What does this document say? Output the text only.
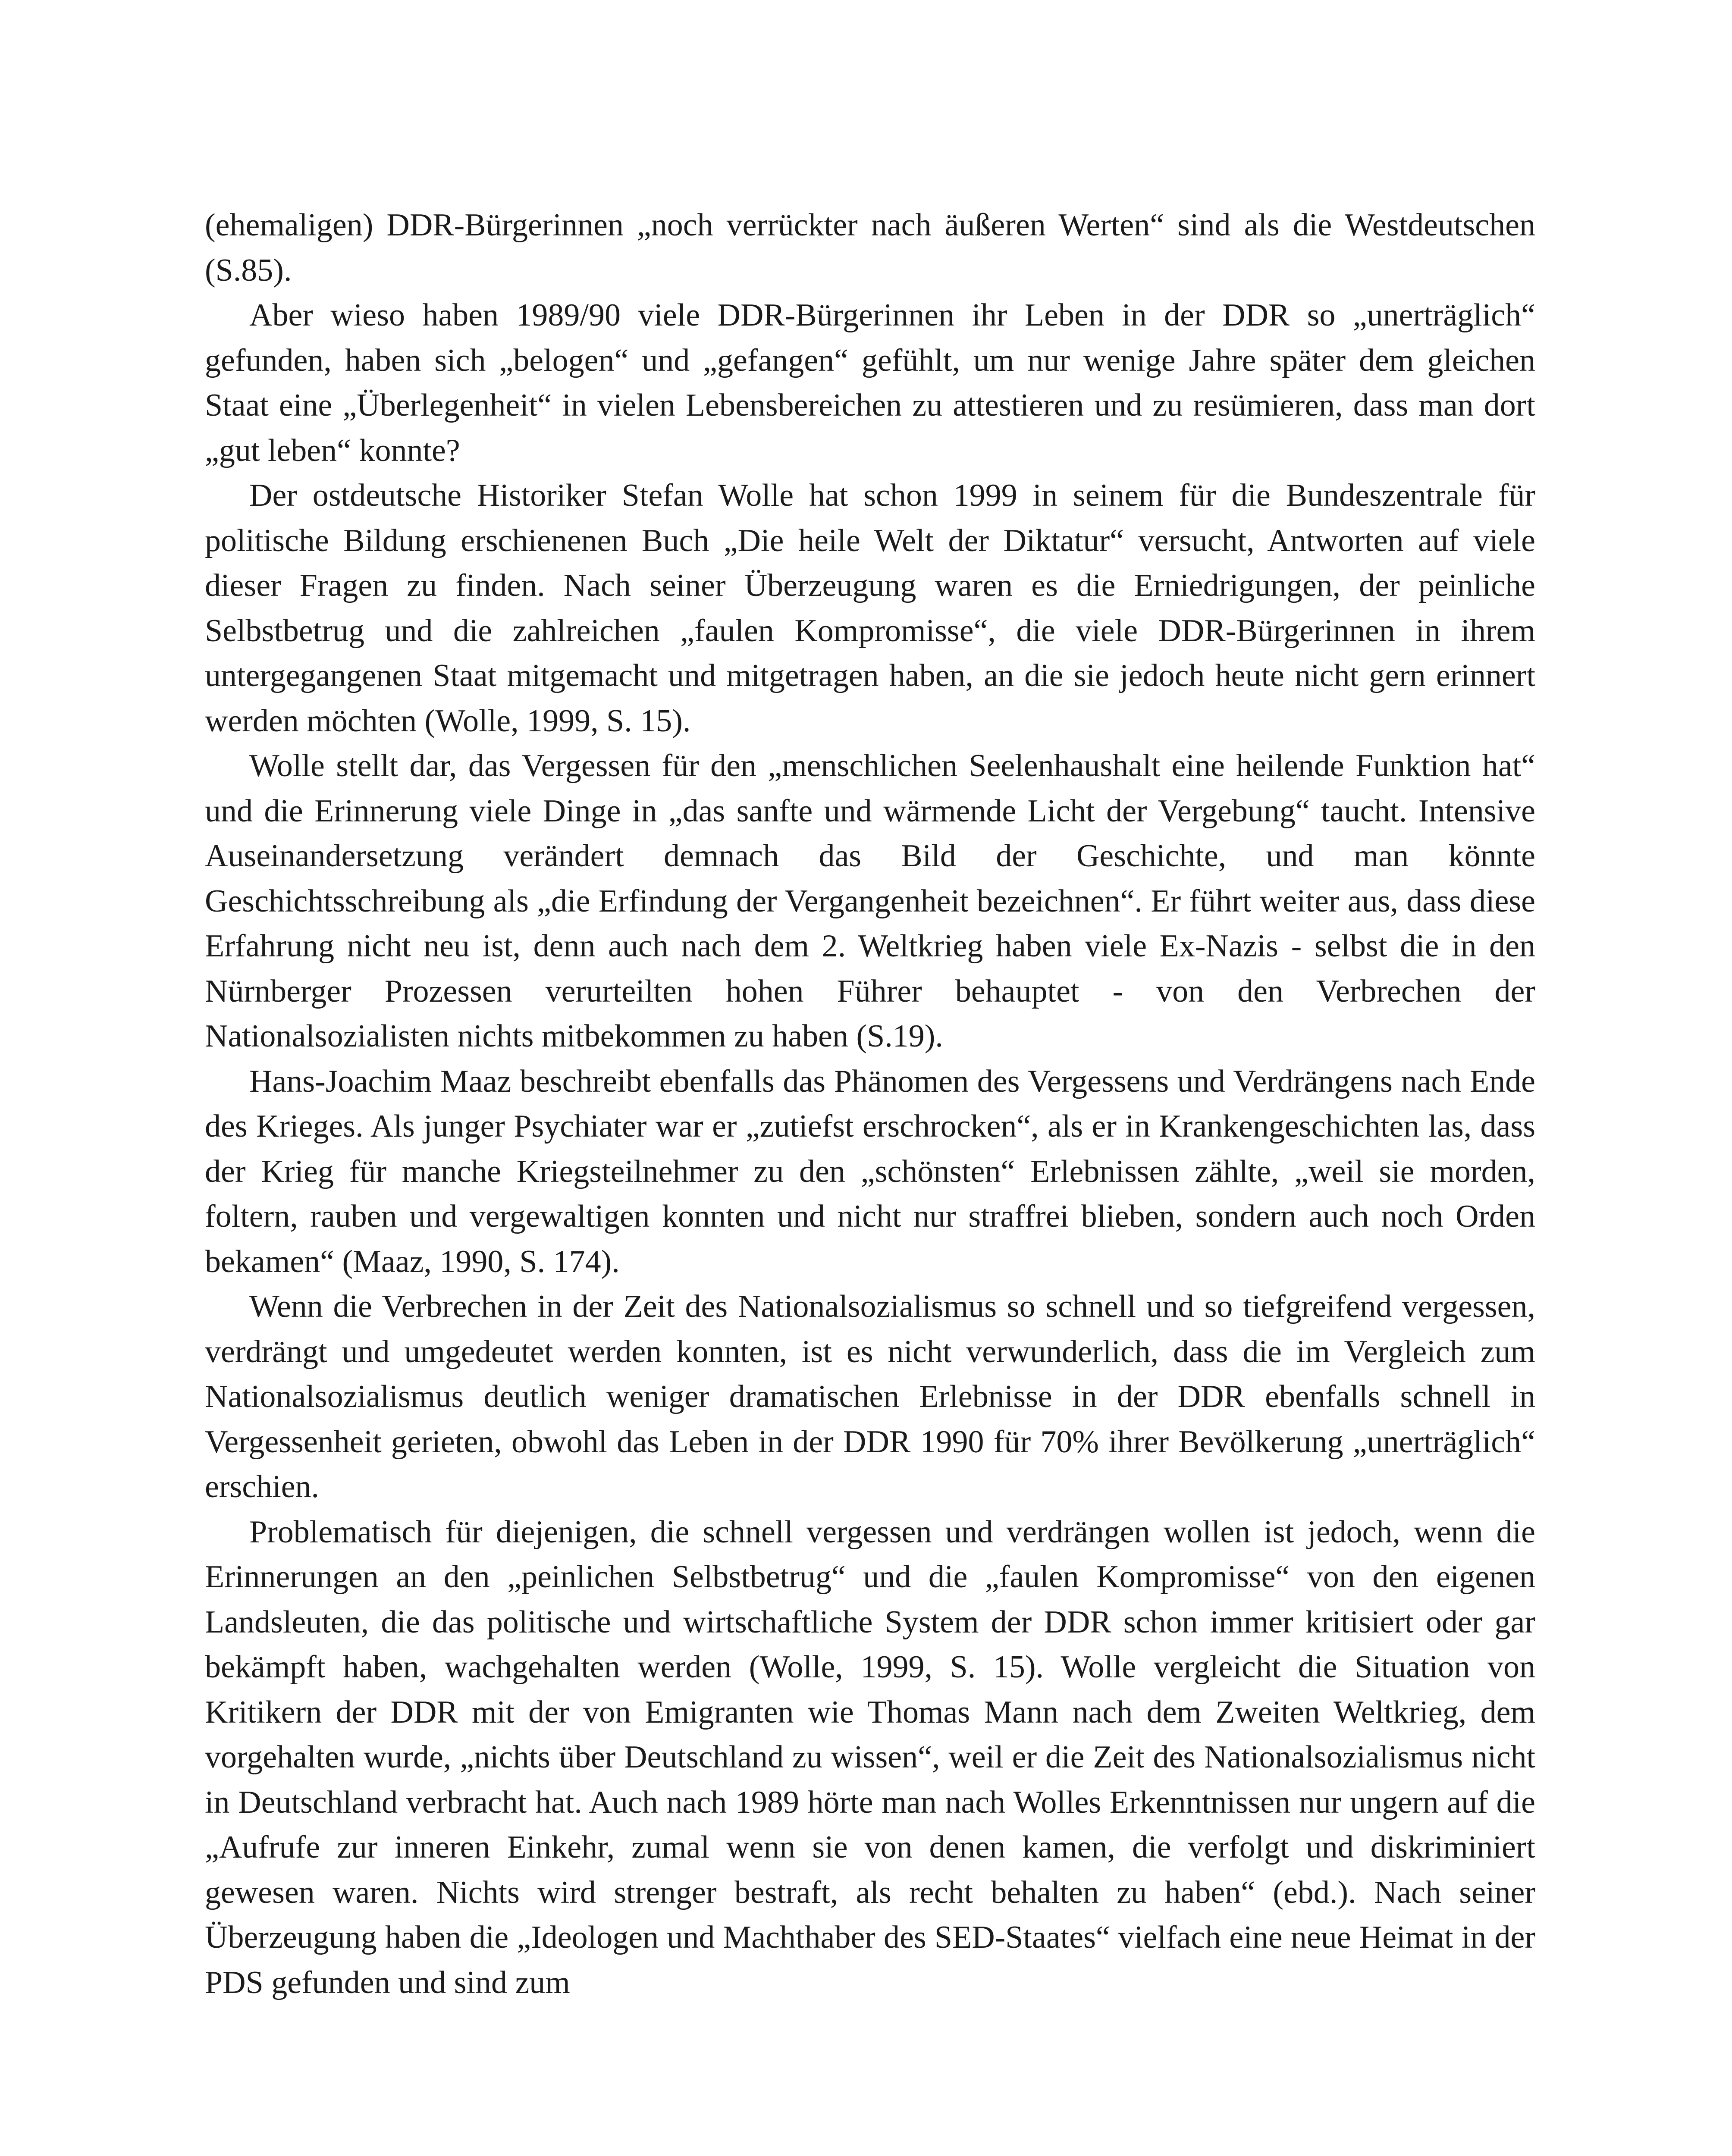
(ehemaligen) DDR-Bürgerinnen „noch verrückter nach äußeren Werten“ sind als die Westdeutschen (S.85).

Aber wieso haben 1989/90 viele DDR-Bürgerinnen ihr Leben in der DDR so „unerträglich“ gefunden, haben sich „belogen“ und „gefangen“ gefühlt, um nur wenige Jahre später dem gleichen Staat eine „Überlegenheit“ in vielen Lebensbereichen zu attestieren und zu resümieren, dass man dort „gut leben“ konnte?

Der ostdeutsche Historiker Stefan Wolle hat schon 1999 in seinem für die Bundeszentrale für politische Bildung erschienenen Buch „Die heile Welt der Diktatur“ versucht, Antworten auf viele dieser Fragen zu finden. Nach seiner Überzeugung waren es die Erniedrigungen, der peinliche Selbstbetrug und die zahlreichen „faulen Kompromisse“, die viele DDR-Bürgerinnen in ihrem untergegangenen Staat mitgemacht und mitgetragen haben, an die sie jedoch heute nicht gern erinnert werden möchten (Wolle, 1999, S. 15).

Wolle stellt dar, das Vergessen für den „menschlichen Seelenhaushalt eine heilende Funktion hat“ und die Erinnerung viele Dinge in „das sanfte und wärmende Licht der Vergebung“ taucht. Intensive Auseinandersetzung verändert demnach das Bild der Geschichte, und man könnte Geschichtsschreibung als „die Erfindung der Vergangenheit bezeichnen“. Er führt weiter aus, dass diese Erfahrung nicht neu ist, denn auch nach dem 2. Weltkrieg haben viele Ex-Nazis - selbst die in den Nürnberger Prozessen verurteilten hohen Führer behauptet - von den Verbrechen der Nationalsozialisten nichts mitbekommen zu haben (S.19).

Hans-Joachim Maaz beschreibt ebenfalls das Phänomen des Vergessens und Verdrängens nach Ende des Krieges. Als junger Psychiater war er „zutiefst erschrocken“, als er in Krankengeschichten las, dass der Krieg für manche Kriegsteilnehmer zu den „schönsten“ Erlebnissen zählte, „weil sie morden, foltern, rauben und vergewaltigen konnten und nicht nur straffrei blieben, sondern auch noch Orden bekamen“ (Maaz, 1990, S. 174).

Wenn die Verbrechen in der Zeit des Nationalsozialismus so schnell und so tiefgreifend vergessen, verdrängt und umgedeutet werden konnten, ist es nicht verwunderlich, dass die im Vergleich zum Nationalsozialismus deutlich weniger dramatischen Erlebnisse in der DDR ebenfalls schnell in Vergessenheit gerieten, obwohl das Leben in der DDR 1990 für 70% ihrer Bevölkerung „unerträglich“ erschien.

Problematisch für diejenigen, die schnell vergessen und verdrängen wollen ist jedoch, wenn die Erinnerungen an den „peinlichen Selbstbetrug“ und die „faulen Kompromisse“ von den eigenen Landsleuten, die das politische und wirtschaftliche System der DDR schon immer kritisiert oder gar bekämpft haben, wachgehalten werden (Wolle, 1999, S. 15). Wolle vergleicht die Situation von Kritikern der DDR mit der von Emigranten wie Thomas Mann nach dem Zweiten Weltkrieg, dem vorgehalten wurde, „nichts über Deutschland zu wissen“, weil er die Zeit des Nationalsozialismus nicht in Deutschland verbracht hat. Auch nach 1989 hörte man nach Wolles Erkenntnissen nur ungern auf die „Aufrufe zur inneren Einkehr, zumal wenn sie von denen kamen, die verfolgt und diskriminiert gewesen waren. Nichts wird strenger bestraft, als recht behalten zu haben“ (ebd.). Nach seiner Überzeugung haben die „Ideologen und Machthaber des SED-Staates“ vielfach eine neue Heimat in der PDS gefunden und sind zum
